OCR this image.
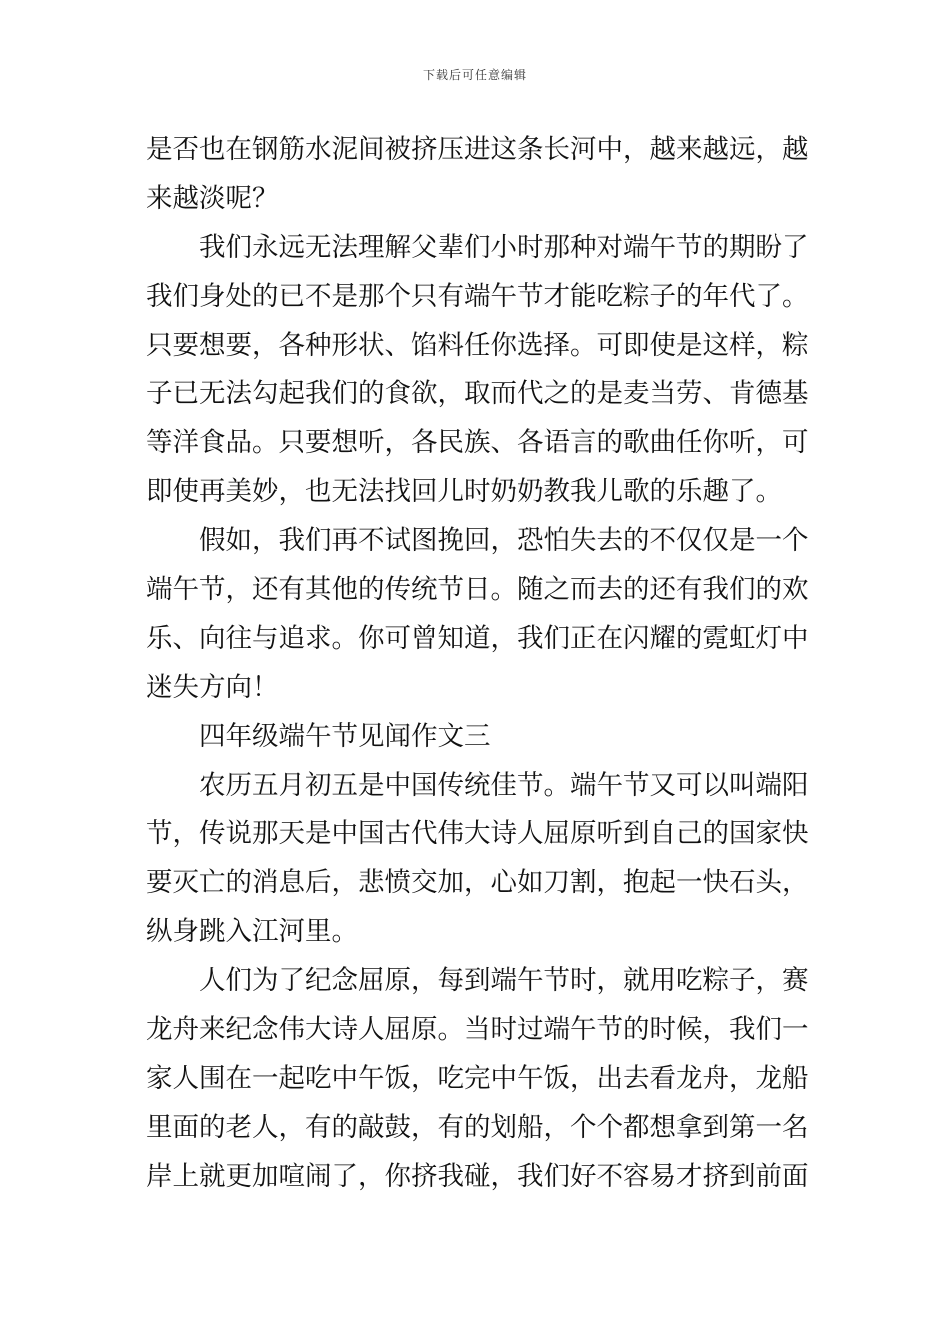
下载后可任意编辑
是否也在钢筋水泥间被挤压进这条长河中，越来越远，越
来越淡呢？
我们永远无法理解父辈们小时那种对端午节的期盼了
我们身处的已不是那个只有端午节才能吃粽子的年代了。
只要想要，各种形状、馅料任你选择。可即使是这样，粽
子已无法勾起我们的食欲，取而代之的是麦当劳、肯德基
等洋食品。只要想听，各民族、各语言的歌曲任你听，可
即使再美妙，也无法找回儿时奶奶教我儿歌的乐趣了。
假如，我们再不试图挽回，恐怕失去的不仅仅是一个
端午节，还有其他的传统节日。随之而去的还有我们的欢
乐、向往与追求。你可曾知道，我们正在闪耀的霓虹灯中
迷失方向！
四年级端午节见闻作文三
农历五月初五是中国传统佳节。端午节又可以叫端阳
节，传说那天是中国古代伟大诗人屈原听到自己的国家快
要灭亡的消息后，悲愤交加，心如刀割，抱起一快石头，
纵身跳入江河里。
人们为了纪念屈原，每到端午节时，就用吃粽子，赛
龙舟来纪念伟大诗人屈原。当时过端午节的时候，我们一
家人围在一起吃中午饭，吃完中午饭，出去看龙舟，龙船
里面的老人，有的敲鼓，有的划船，个个都想拿到第一名
岸上就更加喧闹了，你挤我碰，我们好不容易才挤到前面
